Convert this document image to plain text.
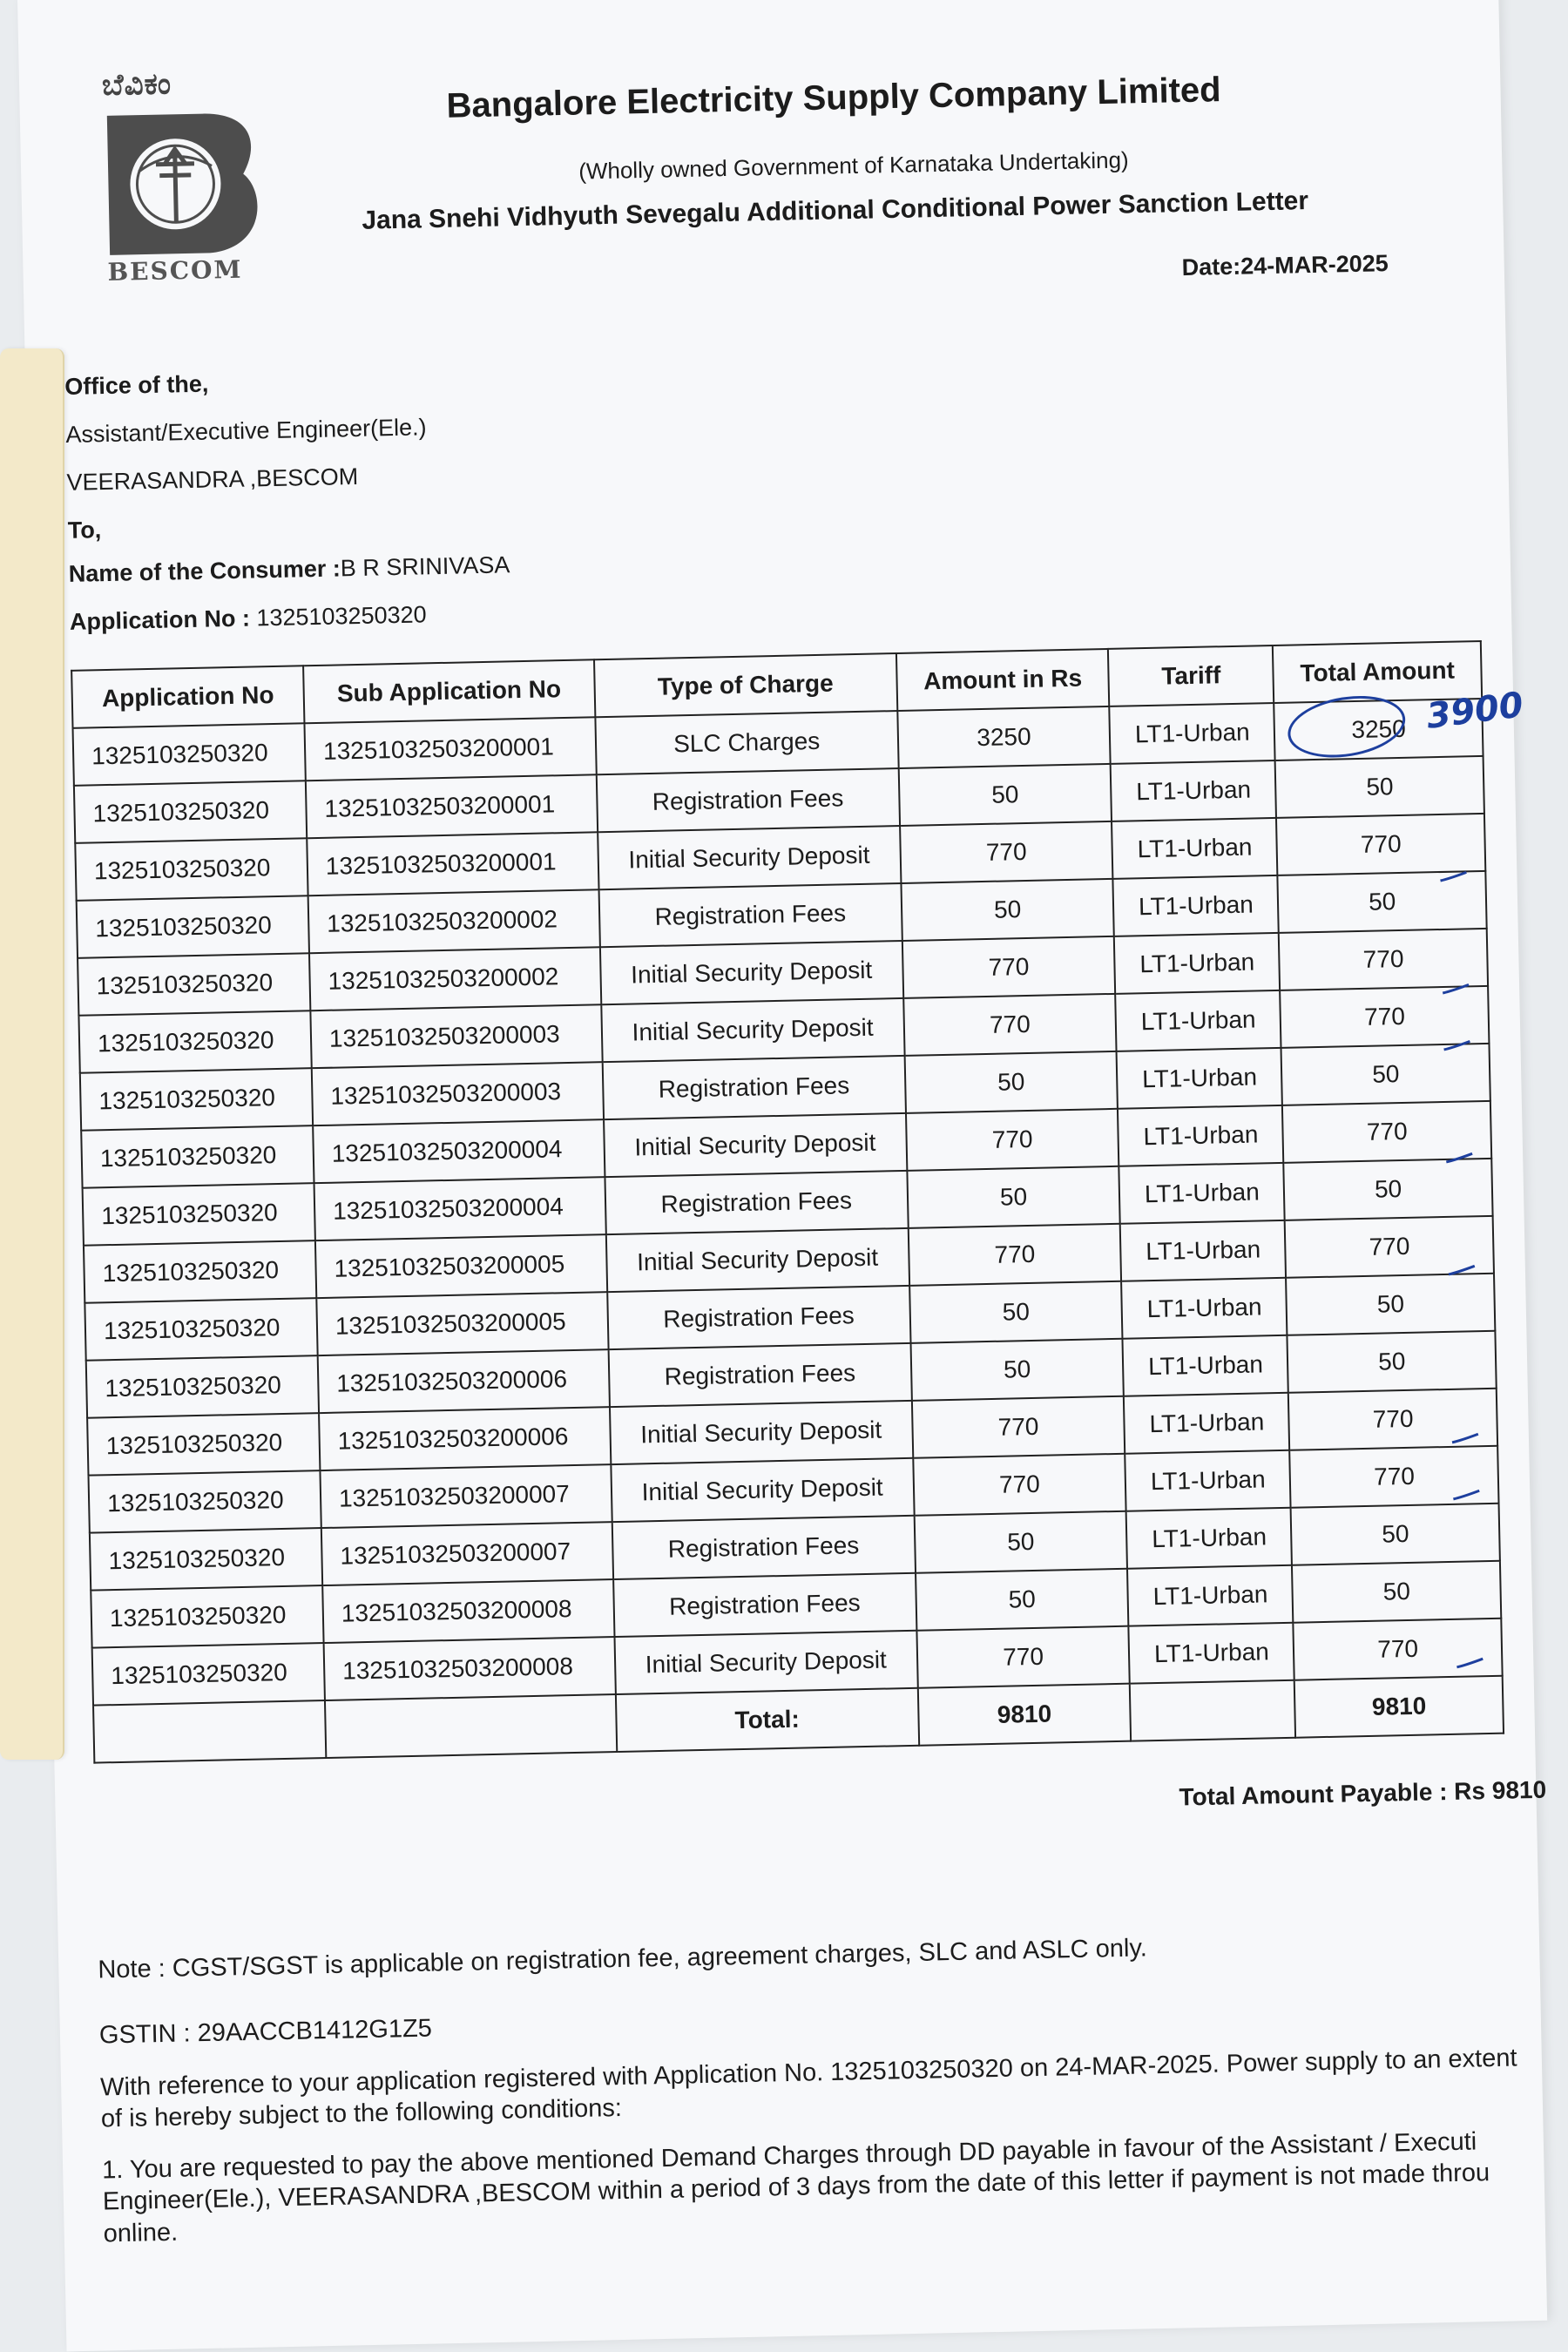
ಬೆವಿಕಂ
BESCOM
Bangalore Electricity Supply Company Limited
(Wholly owned Government of Karnataka Undertaking)
Jana Snehi Vidhyuth Sevegalu Additional Conditional Power Sanction Letter
Date:24-MAR-2025
Office of the,
Assistant/Executive Engineer(Ele.)
VEERASANDRA ,BESCOM
To,
Name of the Consumer :B R SRINIVASA
Application No : 1325103250320
Application No	Sub Application No	Type of Charge	Amount in Rs	Tariff	Total Amount
1325103250320	13251032503200001	SLC Charges	3250	LT1-Urban	3250
1325103250320	13251032503200001	Registration Fees	50	LT1-Urban	50
1325103250320	13251032503200001	Initial Security Deposit	770	LT1-Urban	770
1325103250320	13251032503200002	Registration Fees	50	LT1-Urban	50
1325103250320	13251032503200002	Initial Security Deposit	770	LT1-Urban	770
1325103250320	13251032503200003	Initial Security Deposit	770	LT1-Urban	770
1325103250320	13251032503200003	Registration Fees	50	LT1-Urban	50
1325103250320	13251032503200004	Initial Security Deposit	770	LT1-Urban	770
1325103250320	13251032503200004	Registration Fees	50	LT1-Urban	50
1325103250320	13251032503200005	Initial Security Deposit	770	LT1-Urban	770
1325103250320	13251032503200005	Registration Fees	50	LT1-Urban	50
1325103250320	13251032503200006	Registration Fees	50	LT1-Urban	50
1325103250320	13251032503200006	Initial Security Deposit	770	LT1-Urban	770
1325103250320	13251032503200007	Initial Security Deposit	770	LT1-Urban	770
1325103250320	13251032503200007	Registration Fees	50	LT1-Urban	50
1325103250320	13251032503200008	Registration Fees	50	LT1-Urban	50
1325103250320	13251032503200008	Initial Security Deposit	770	LT1-Urban	770
		Total:	9810		9810
3900
Total Amount Payable : Rs 9810
Note : CGST/SGST is applicable on registration fee, agreement charges, SLC and ASLC only.
GSTIN : 29AACCB1412G1Z5
With reference to your application registered with Application No. 1325103250320 on 24-MAR-2025. Power supply to an extent of is hereby subject to the following conditions:
1. You are requested to pay the above mentioned Demand Charges through DD payable in favour of the Assistant / Executi Engineer(Ele.), VEERASANDRA ,BESCOM within a period of 3 days from the date of this letter if payment is not made throu online.
